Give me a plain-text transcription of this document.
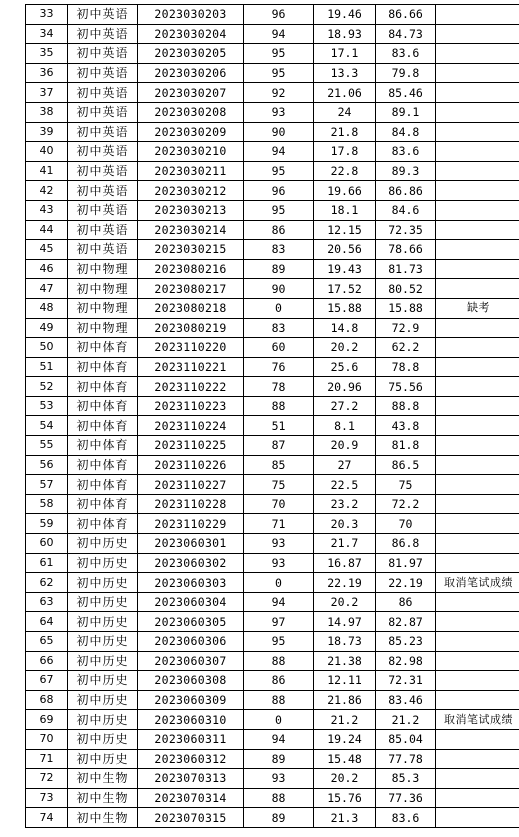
33	初中英语	2023030203	96	19.46	86.66	
34	初中英语	2023030204	94	18.93	84.73	
35	初中英语	2023030205	95	17.1	83.6	
36	初中英语	2023030206	95	13.3	79.8	
37	初中英语	2023030207	92	21.06	85.46	
38	初中英语	2023030208	93	24	89.1	
39	初中英语	2023030209	90	21.8	84.8	
40	初中英语	2023030210	94	17.8	83.6	
41	初中英语	2023030211	95	22.8	89.3	
42	初中英语	2023030212	96	19.66	86.86	
43	初中英语	2023030213	95	18.1	84.6	
44	初中英语	2023030214	86	12.15	72.35	
45	初中英语	2023030215	83	20.56	78.66	
46	初中物理	2023080216	89	19.43	81.73	
47	初中物理	2023080217	90	17.52	80.52	
48	初中物理	2023080218	0	15.88	15.88	缺考
49	初中物理	2023080219	83	14.8	72.9	
50	初中体育	2023110220	60	20.2	62.2	
51	初中体育	2023110221	76	25.6	78.8	
52	初中体育	2023110222	78	20.96	75.56	
53	初中体育	2023110223	88	27.2	88.8	
54	初中体育	2023110224	51	8.1	43.8	
55	初中体育	2023110225	87	20.9	81.8	
56	初中体育	2023110226	85	27	86.5	
57	初中体育	2023110227	75	22.5	75	
58	初中体育	2023110228	70	23.2	72.2	
59	初中体育	2023110229	71	20.3	70	
60	初中历史	2023060301	93	21.7	86.8	
61	初中历史	2023060302	93	16.87	81.97	
62	初中历史	2023060303	0	22.19	22.19	取消笔试成绩
63	初中历史	2023060304	94	20.2	86	
64	初中历史	2023060305	97	14.97	82.87	
65	初中历史	2023060306	95	18.73	85.23	
66	初中历史	2023060307	88	21.38	82.98	
67	初中历史	2023060308	86	12.11	72.31	
68	初中历史	2023060309	88	21.86	83.46	
69	初中历史	2023060310	0	21.2	21.2	取消笔试成绩
70	初中历史	2023060311	94	19.24	85.04	
71	初中历史	2023060312	89	15.48	77.78	
72	初中生物	2023070313	93	20.2	85.3	
73	初中生物	2023070314	88	15.76	77.36	
74	初中生物	2023070315	89	21.3	83.6	
